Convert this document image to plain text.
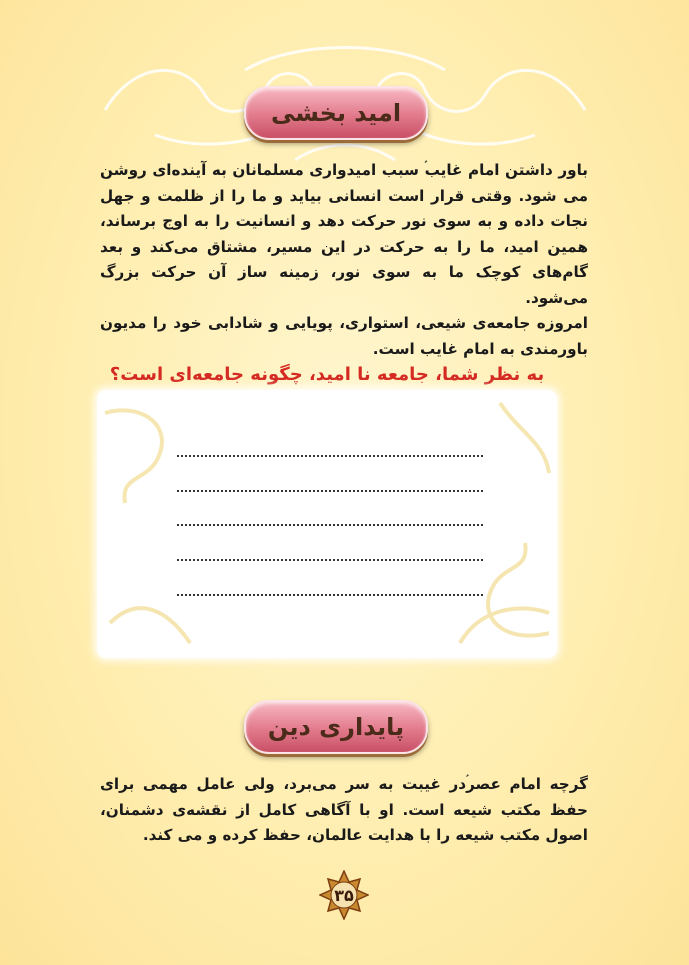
امید بخشی

باور داشتن امام غایب سبب امیدواری مسلمانان به آینده‌ای روشن می شود. وقتی قرار است انسانی بیاید و ما را از ظلمت و جهل نجات داده و به سوی نور حرکت دهد و انسانیت را به اوج برساند، همین امید، ما را به حرکت در این مسیر، مشتاق می‌کند و بعد گام‌های کوچک ما به سوی نور، زمینه ساز آن حرکت بزرگ می‌شود.

امروزه جامعه‌ی شیعی، استواری، پویایی و شادابی خود را مدیون باورمندی به امام غایب است.

به نظر شما، جامعه نا امید، چگونه جامعه‌ای است؟
پایداری دین

گرچه امام عصردر غیبت به سر می‌برد، ولی عامل مهمی برای حفظ مکتب شیعه است. او با آگاهی کامل از نقشه‌ی دشمنان، اصول مکتب شیعه را با هدایت عالمان، حفظ کرده و می کند.

۳۵
